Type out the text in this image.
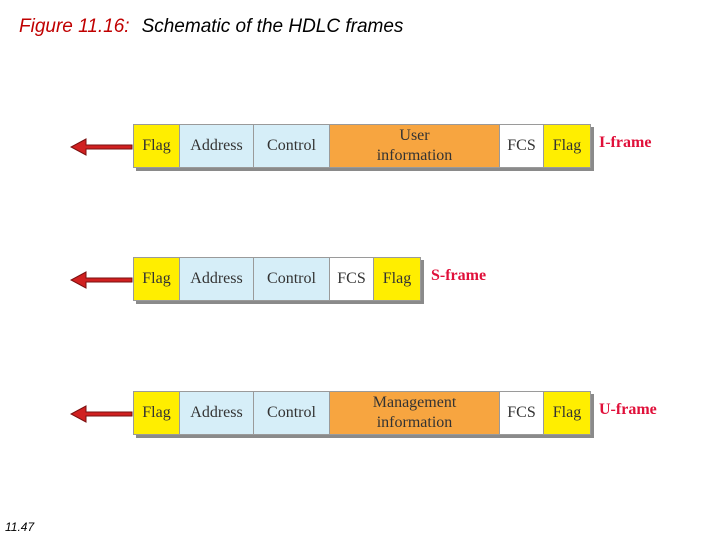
Figure 11.16: Schematic of the HDLC frames
Flag	Address	Control
User
information
FCS	Flag	I-frame
Flag	Address	Control	FCS	Flag	S-frame
Flag	Address	Control
Management
information
FCS	Flag	U-frame
11.47
